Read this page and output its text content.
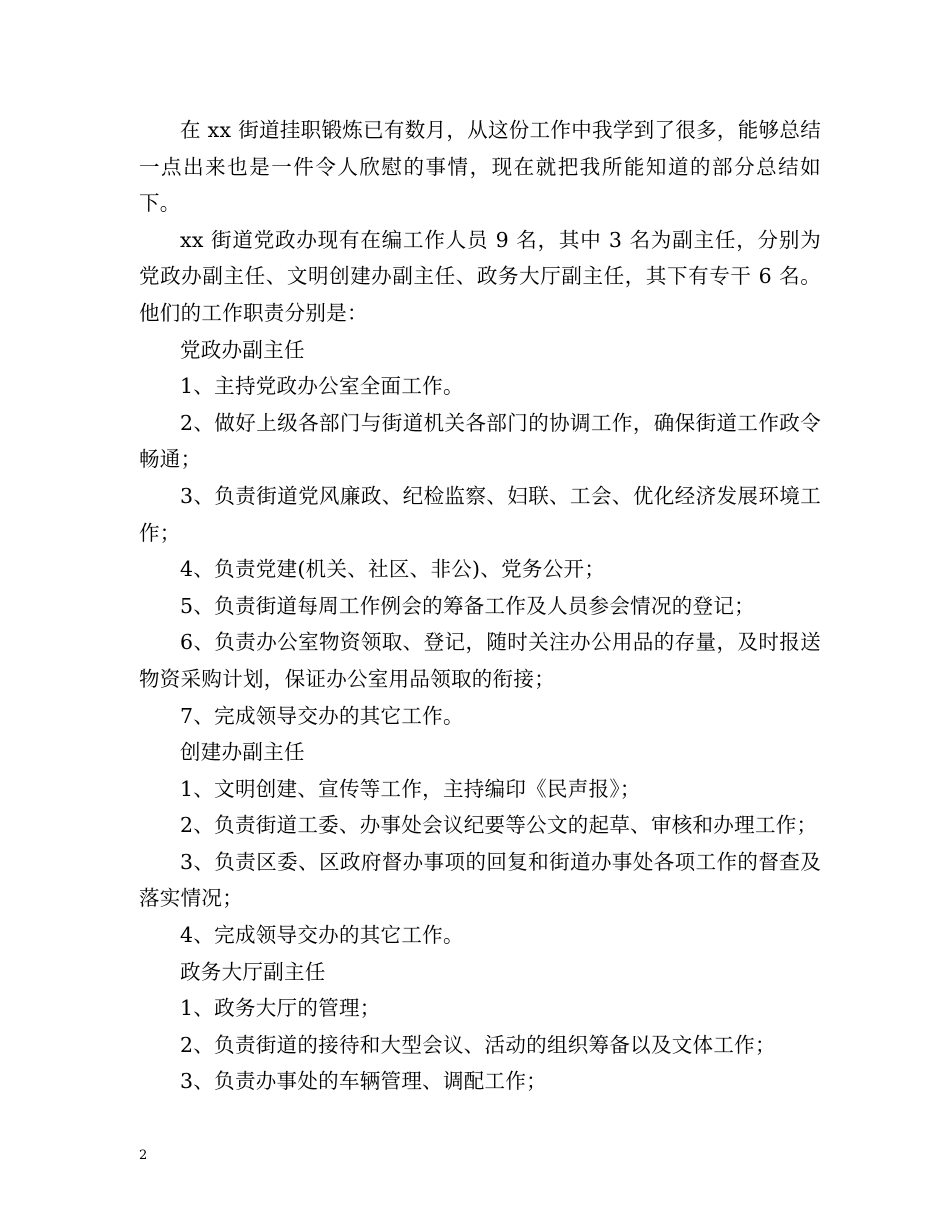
在 xx 街道挂职锻炼已有数月，从这份工作中我学到了很多，能够总结一点出来也是一件令人欣慰的事情，现在就把我所能知道的部分总结如下。

xx 街道党政办现有在编工作人员 9 名，其中 3 名为副主任，分别为党政办副主任、文明创建办副主任、政务大厅副主任，其下有专干 6 名。他们的工作职责分别是：

党政办副主任

1、主持党政办公室全面工作。

2、做好上级各部门与街道机关各部门的协调工作，确保街道工作政令畅通；

3、负责街道党风廉政、纪检监察、妇联、工会、优化经济发展环境工作；

4、负责党建(机关、社区、非公)、党务公开；

5、负责街道每周工作例会的筹备工作及人员参会情况的登记；

6、负责办公室物资领取、登记，随时关注办公用品的存量，及时报送物资采购计划，保证办公室用品领取的衔接；

7、完成领导交办的其它工作。

创建办副主任

1、文明创建、宣传等工作，主持编印《民声报》；

2、负责街道工委、办事处会议纪要等公文的起草、审核和办理工作；

3、负责区委、区政府督办事项的回复和街道办事处各项工作的督查及落实情况；

4、完成领导交办的其它工作。

政务大厅副主任

1、政务大厅的管理；

2、负责街道的接待和大型会议、活动的组织筹备以及文体工作；

3、负责办事处的车辆管理、调配工作；

2
